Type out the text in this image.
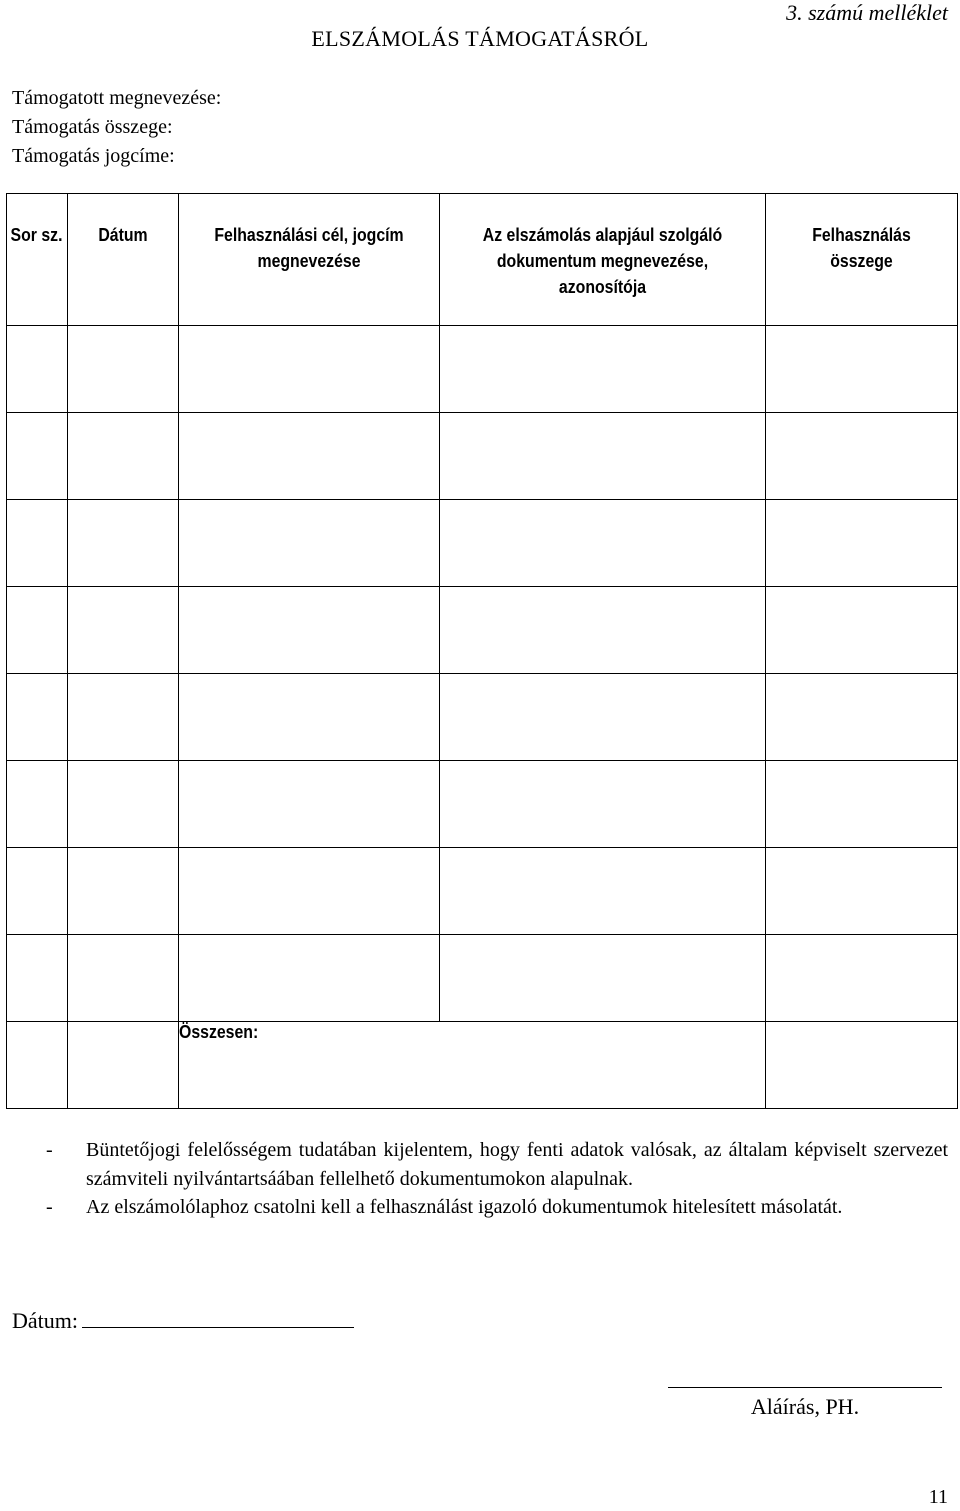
3. számú melléklet
ELSZÁMOLÁS TÁMOGATÁSRÓL
Támogatott megnevezése:
Támogatás összege:
Támogatás jogcíme:
Sor sz.	Dátum	Felhasználási cél, jogcím megnevezése	Az elszámolás alapjául szolgáló dokumentum megnevezése, azonosítója	Felhasználás összege

		Összesen:		
- Büntetőjogi felelősségem tudatában kijelentem, hogy fenti adatok valósak, az általam képviselt szervezet számviteli nyilvántartsáában fellelhető dokumentumokon alapulnak.
- Az elszámolólaphoz csatolni kell a felhasználást igazoló dokumentumok hitelesített másolatát.
Dátum:
Aláírás, PH.
11
